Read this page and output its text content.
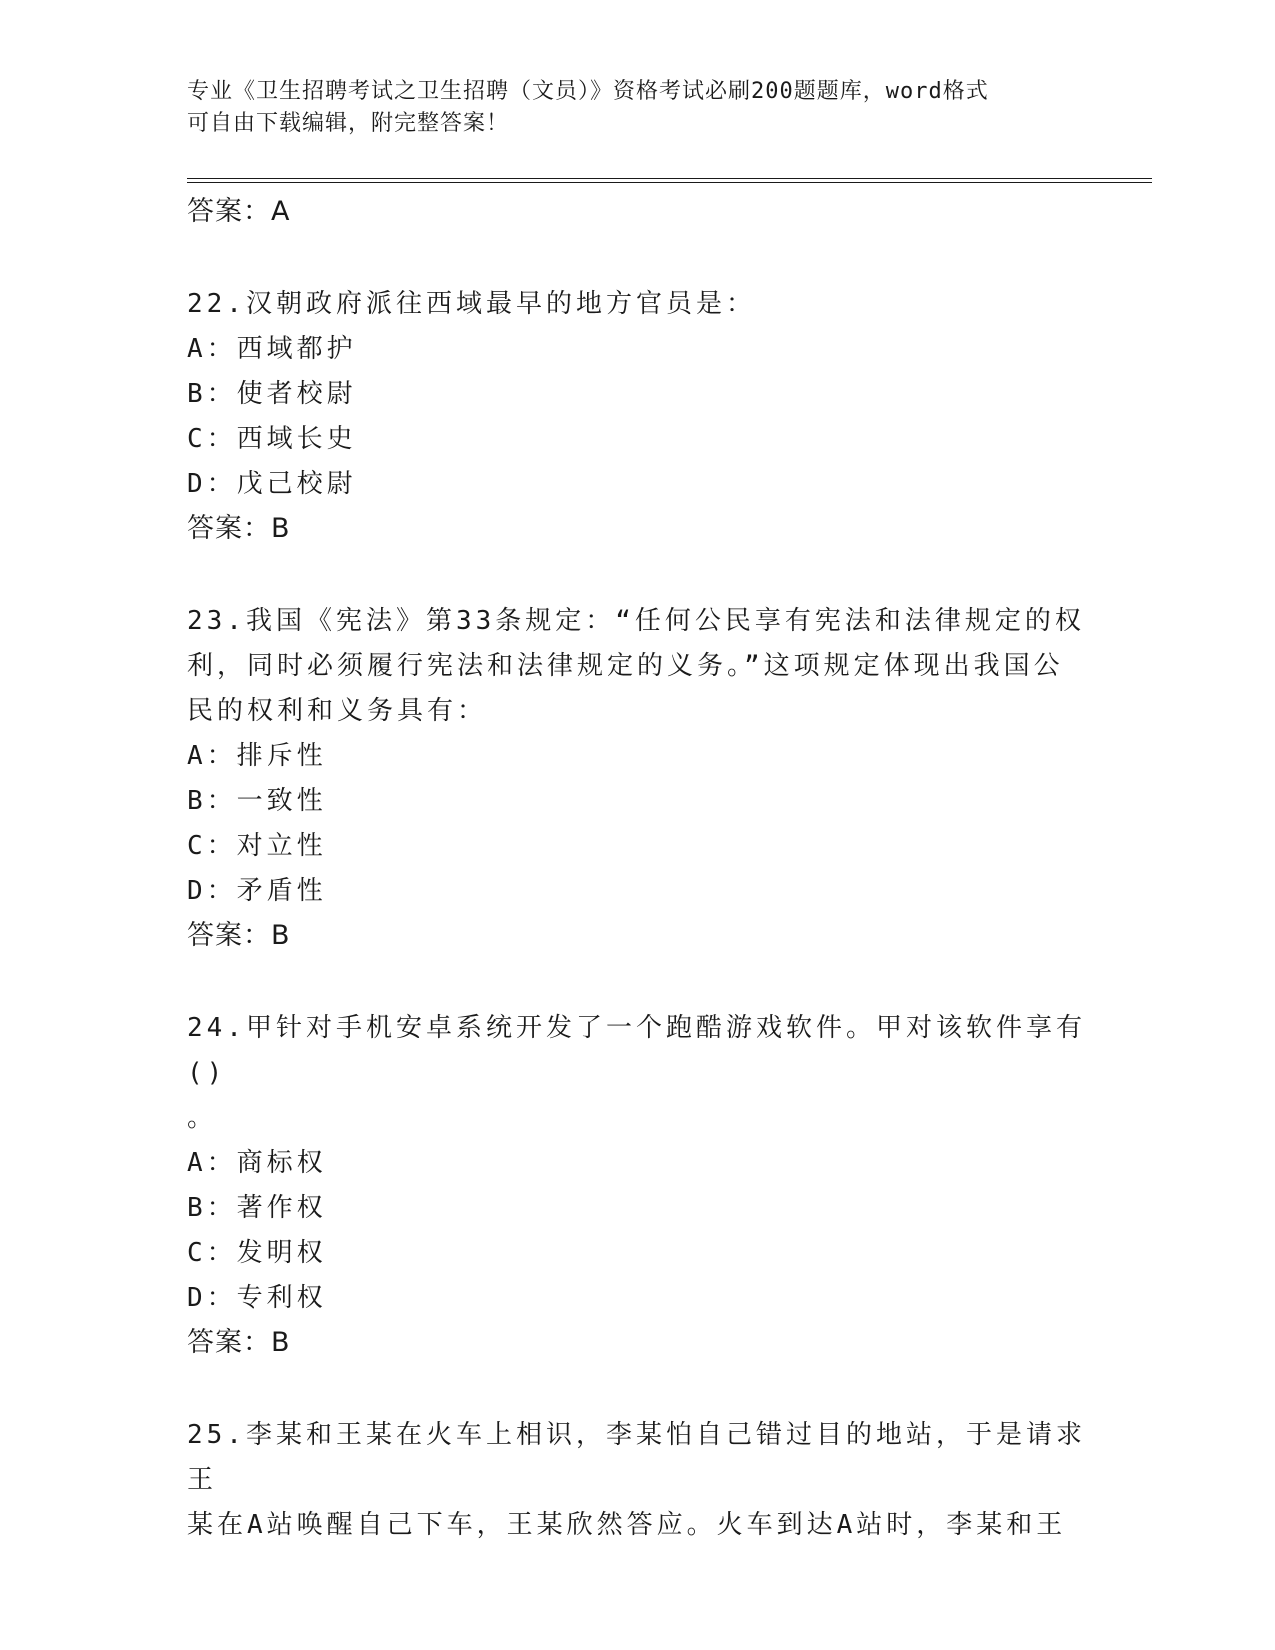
专业《卫生招聘考试之卫生招聘（文员）》资格考试必刷200题题库，word格式
可自由下载编辑，附完整答案！
答案：A
22.汉朝政府派往西域最早的地方官员是：
A：西域都护
B：使者校尉
C：西域长史
D：戊己校尉
答案：B
23.我国《宪法》第33条规定：“任何公民享有宪法和法律规定的权
利，同时必须履行宪法和法律规定的义务。”这项规定体现出我国公
民的权利和义务具有：
A：排斥性
B：一致性
C：对立性
D：矛盾性
答案：B
24.甲针对手机安卓系统开发了一个跑酷游戏软件。甲对该软件享有()
。
A：商标权
B：著作权
C：发明权
D：专利权
答案：B
25.李某和王某在火车上相识，李某怕自己错过目的地站，于是请求王
某在A站唤醒自己下车，王某欣然答应。火车到达A站时，李某和王
